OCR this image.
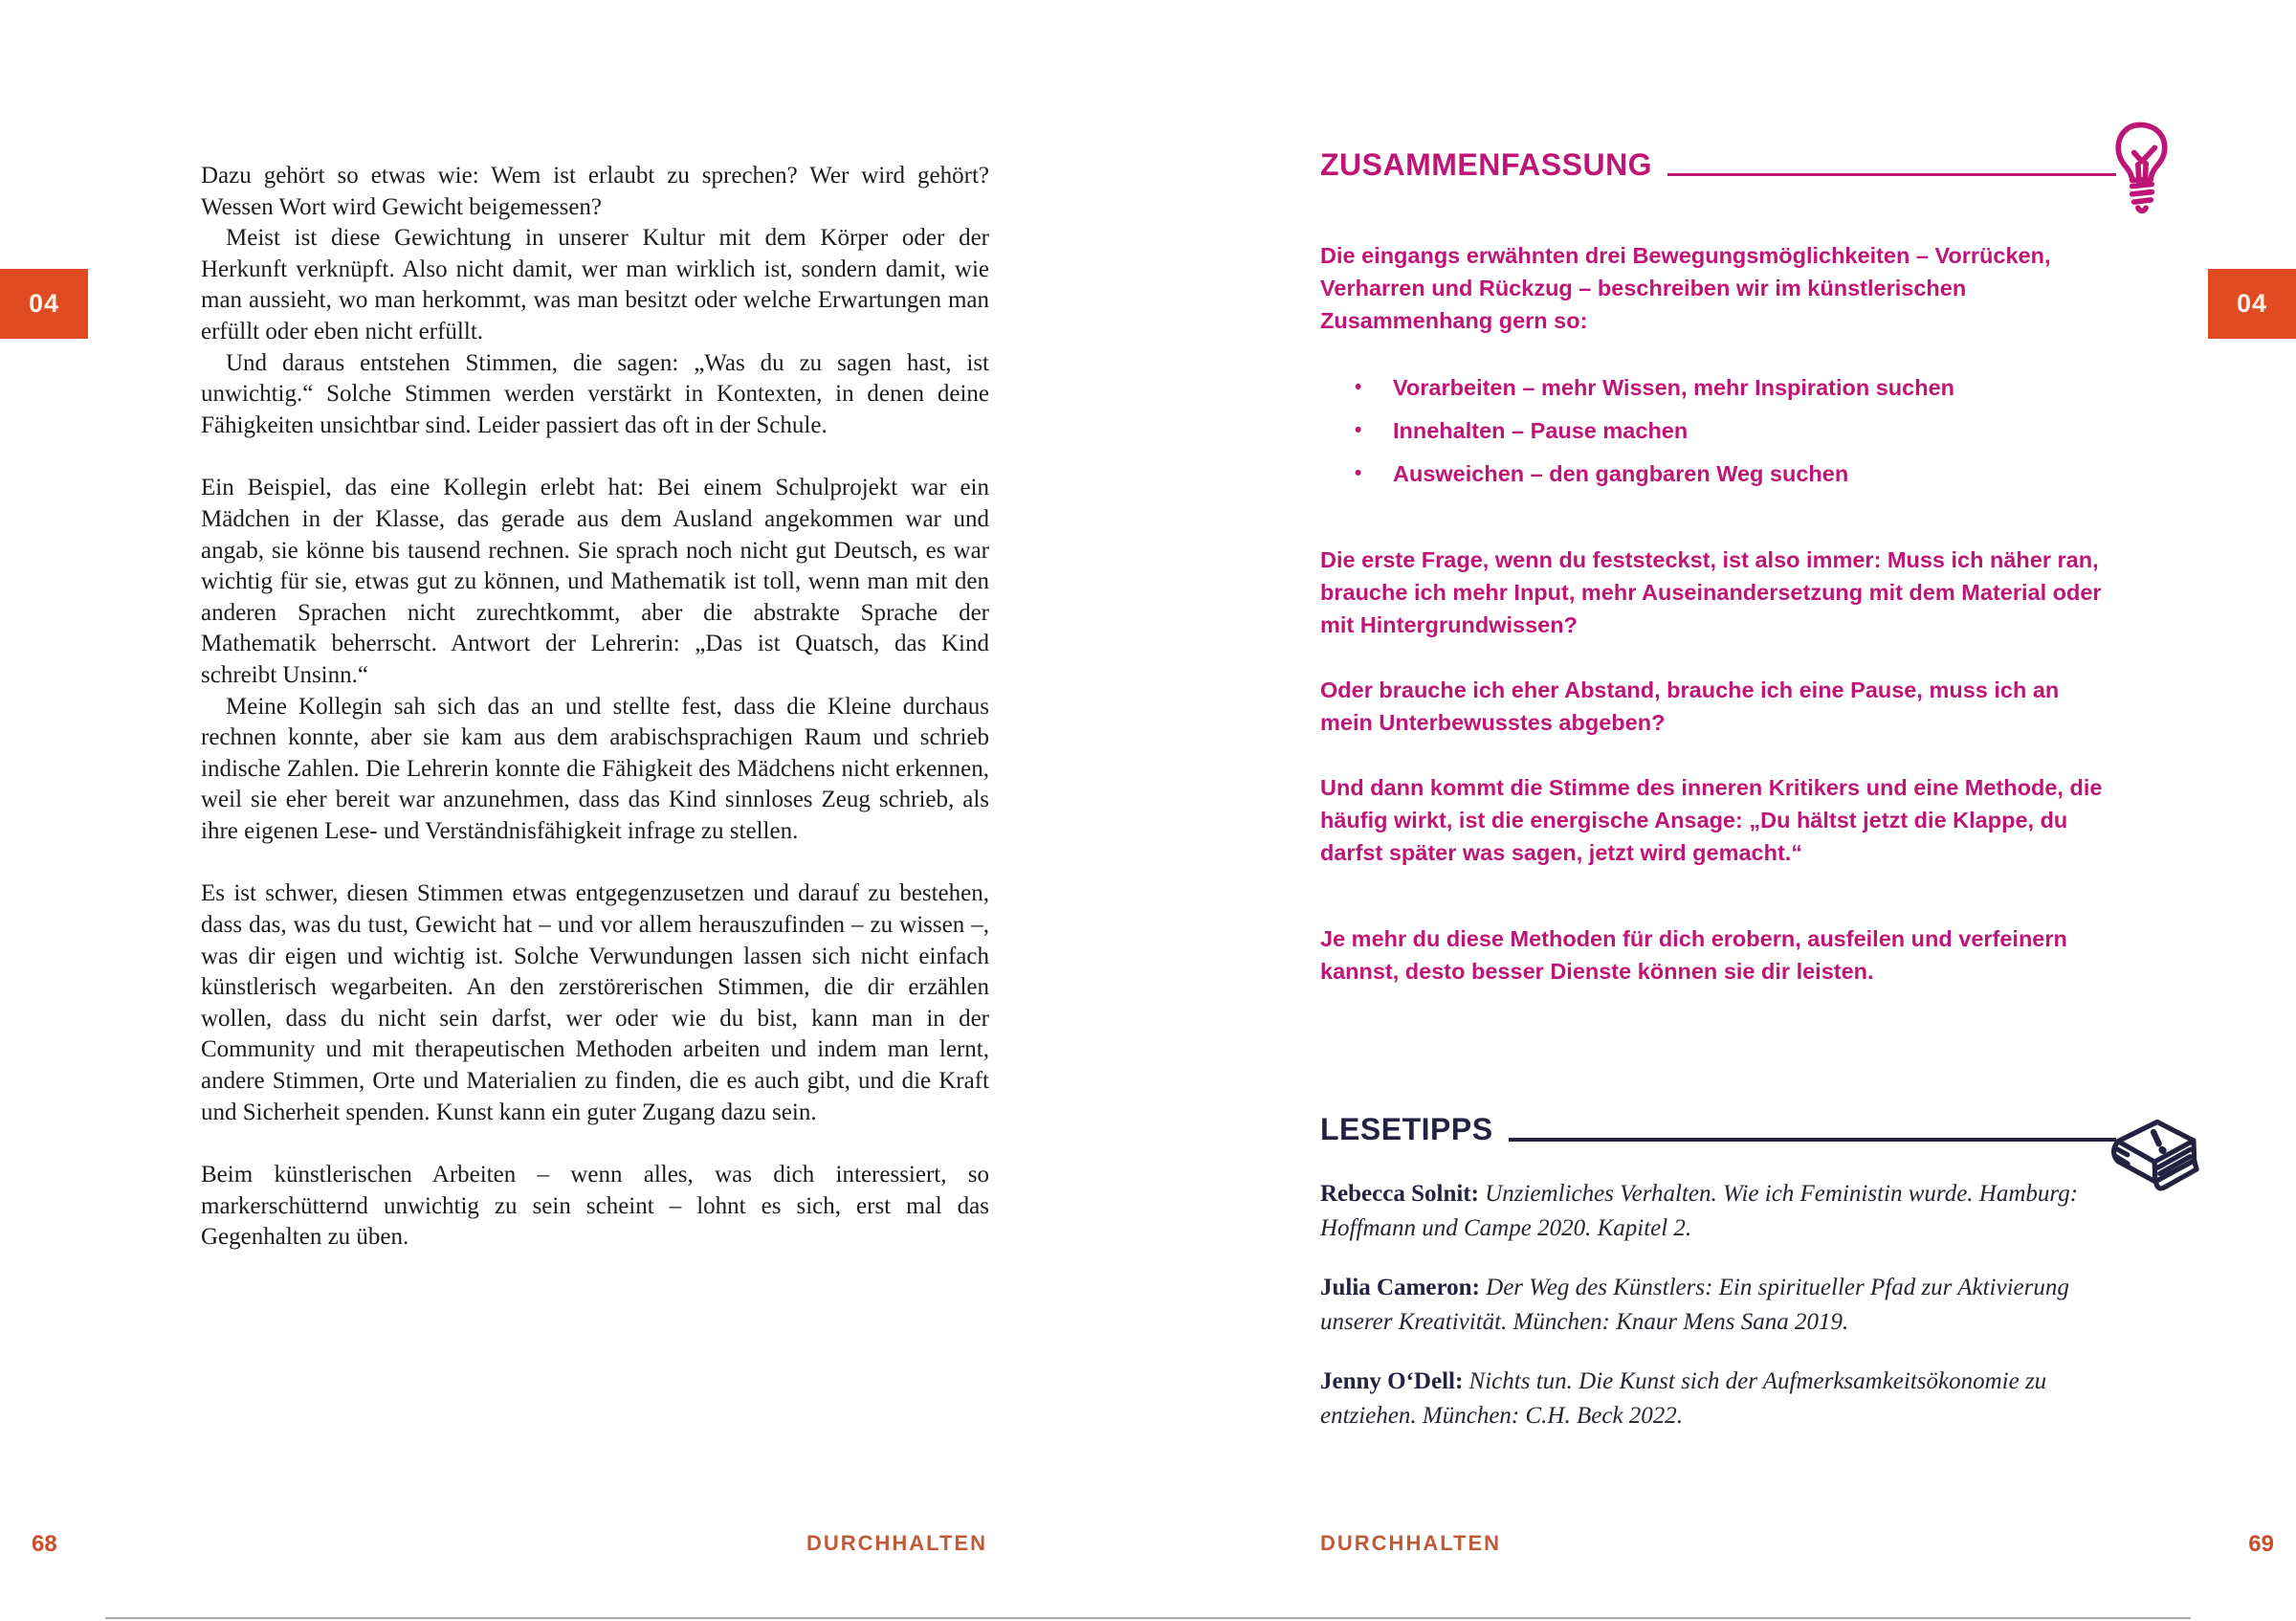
04	04

Dazu gehört so etwas wie: Wem ist erlaubt zu sprechen? Wer wird gehört? Wessen Wort wird Gewicht beigemessen?

Meist ist diese Gewichtung in unserer Kultur mit dem Körper oder der Herkunft verknüpft. Also nicht damit, wer man wirklich ist, sondern damit, wie man aussieht, wo man herkommt, was man besitzt oder welche Erwartungen man erfüllt oder eben nicht erfüllt.

Und daraus entstehen Stimmen, die sagen: „Was du zu sagen hast, ist unwichtig.“ Solche Stimmen werden verstärkt in Kontexten, in denen deine Fähigkeiten unsichtbar sind. Leider passiert das oft in der Schule.

Ein Beispiel, das eine Kollegin erlebt hat: Bei einem Schulprojekt war ein Mädchen in der Klasse, das gerade aus dem Ausland angekommen war und angab, sie könne bis tausend rechnen. Sie sprach noch nicht gut Deutsch, es war wichtig für sie, etwas gut zu können, und Mathematik ist toll, wenn man mit den anderen Sprachen nicht zurechtkommt, aber die abstrakte Sprache der Mathematik beherrscht. Antwort der Lehrerin: „Das ist Quatsch, das Kind schreibt Unsinn.“

Meine Kollegin sah sich das an und stellte fest, dass die Kleine durchaus rechnen konnte, aber sie kam aus dem arabischsprachigen Raum und schrieb indische Zahlen. Die Lehrerin konnte die Fähigkeit des Mädchens nicht erkennen, weil sie eher bereit war anzunehmen, dass das Kind sinnloses Zeug schrieb, als ihre eigenen Lese- und Verständnisfähigkeit infrage zu stellen.

Es ist schwer, diesen Stimmen etwas entgegenzusetzen und darauf zu bestehen, dass das, was du tust, Gewicht hat – und vor allem herauszufinden – zu wissen –, was dir eigen und wichtig ist. Solche Verwundungen lassen sich nicht einfach künstlerisch wegarbeiten. An den zerstörerischen Stimmen, die dir erzählen wollen, dass du nicht sein darfst, wer oder wie du bist, kann man in der Community und mit therapeutischen Methoden arbeiten und indem man lernt, andere Stimmen, Orte und Materialien zu finden, die es auch gibt, und die Kraft und Sicherheit spenden. Kunst kann ein guter Zugang dazu sein.

Beim künstlerischen Arbeiten – wenn alles, was dich interessiert, so markerschütternd unwichtig zu sein scheint – lohnt es sich, erst mal das Gegenhalten zu üben.

ZUSAMMENFASSUNG

Die eingangs erwähnten drei Bewegungsmöglichkeiten – Vorrücken, Verharren und Rückzug – beschreiben wir im künstlerischen Zusammenhang gern so:

•	Vorarbeiten – mehr Wissen, mehr Inspiration suchen
•	Innehalten – Pause machen
•	Ausweichen – den gangbaren Weg suchen

Die erste Frage, wenn du feststeckst, ist also immer: Muss ich näher ran, brauche ich mehr Input, mehr Auseinandersetzung mit dem Material oder mit Hintergrundwissen?

Oder brauche ich eher Abstand, brauche ich eine Pause, muss ich an mein Unterbewusstes abgeben?

Und dann kommt die Stimme des inneren Kritikers und eine Methode, die häufig wirkt, ist die energische Ansage: „Du hältst jetzt die Klappe, du darfst später was sagen, jetzt wird gemacht.“

Je mehr du diese Methoden für dich erobern, ausfeilen und verfeinern kannst, desto besser Dienste können sie dir leisten.

LESETIPPS

Rebecca Solnit: Unziemliches Verhalten. Wie ich Feministin wurde. Hamburg: Hoffmann und Campe 2020. Kapitel 2.

Julia Cameron: Der Weg des Künstlers: Ein spiritueller Pfad zur Aktivierung unserer Kreativität. München: Knaur Mens Sana 2019.

Jenny O‘Dell: Nichts tun. Die Kunst sich der Aufmerksamkeitsökonomie zu entziehen. München: C.H. Beck 2022.

68	DURCHHALTEN	DURCHHALTEN	69
